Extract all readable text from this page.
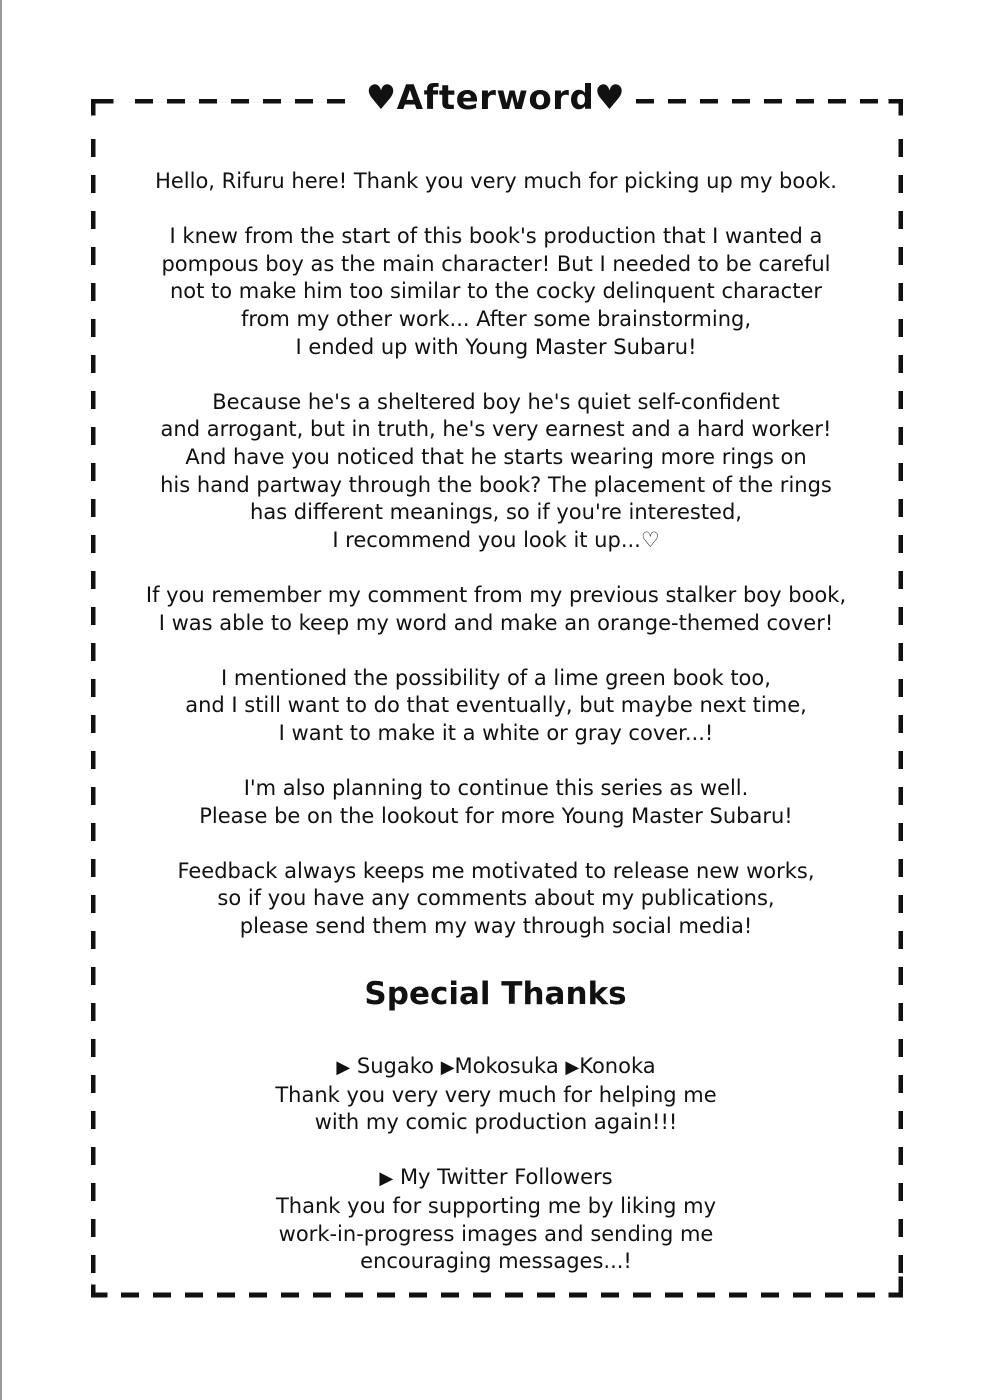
♥Afterword♥
Hello, Rifuru here! Thank you very much for picking up my book.
I knew from the start of this book's production that I wanted a
pompous boy as the main character! But I needed to be careful
not to make him too similar to the cocky delinquent character
from my other work... After some brainstorming,
I ended up with Young Master Subaru!
Because he's a sheltered boy he's quiet self-confident
and arrogant, but in truth, he's very earnest and a hard worker!
And have you noticed that he starts wearing more rings on
his hand partway through the book? The placement of the rings
has different meanings, so if you're interested,
I recommend you look it up...♡
If you remember my comment from my previous stalker boy book,
I was able to keep my word and make an orange-themed cover!
I mentioned the possibility of a lime green book too,
and I still want to do that eventually, but maybe next time,
I want to make it a white or gray cover...!
I'm also planning to continue this series as well.
Please be on the lookout for more Young Master Subaru!
Feedback always keeps me motivated to release new works,
so if you have any comments about my publications,
please send them my way through social media!
Special Thanks
▶ Sugako ▶Mokosuka ▶Konoka
Thank you very very much for helping me
with my comic production again!!!
▶ My Twitter Followers
Thank you for supporting me by liking my
work-in-progress images and sending me
encouraging messages...!
